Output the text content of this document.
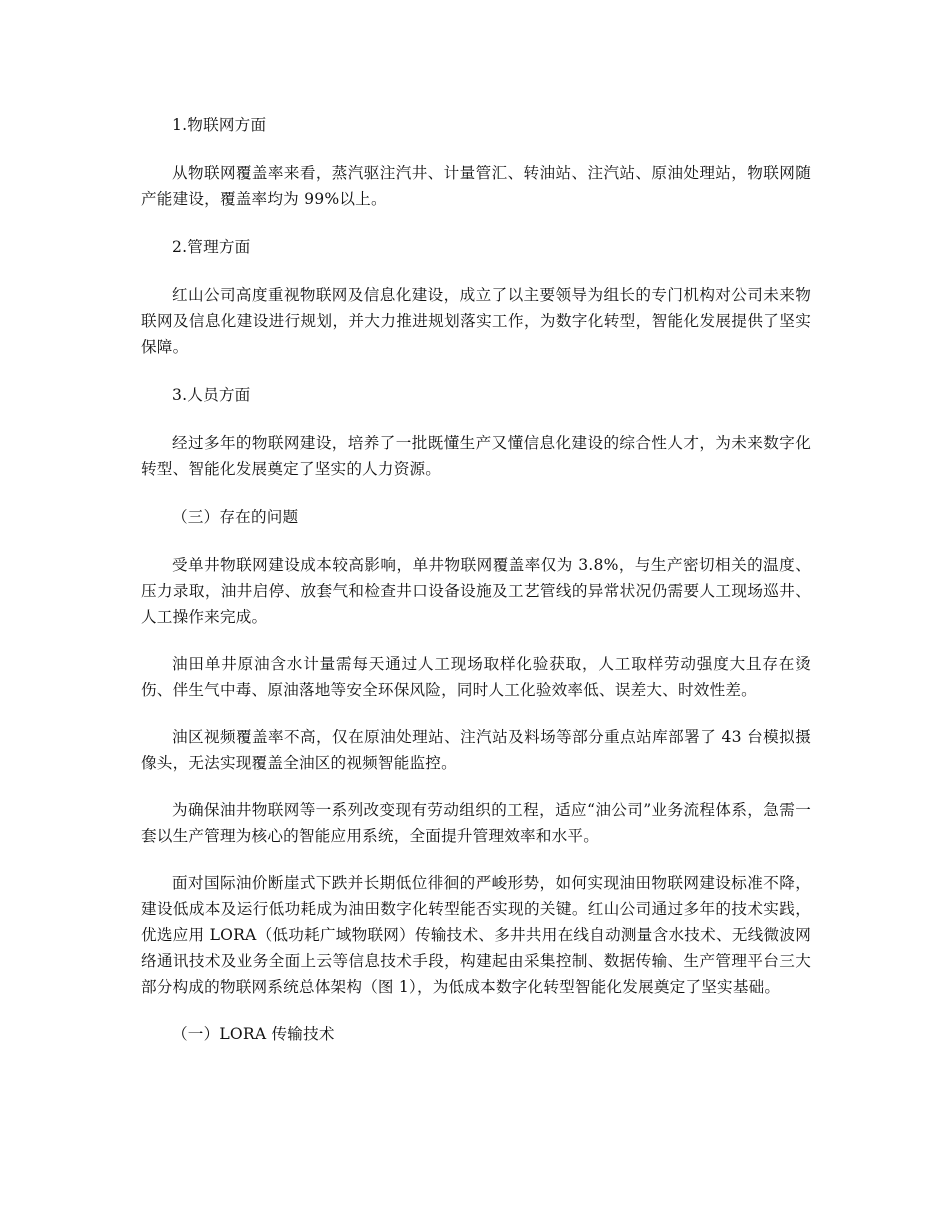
1.物联网方面

从物联网覆盖率来看，蒸汽驱注汽井、计量管汇、转油站、注汽站、原油处理站，物联网随产能建设，覆盖率均为 99%以上。

2.管理方面

红山公司高度重视物联网及信息化建设，成立了以主要领导为组长的专门机构对公司未来物联网及信息化建设进行规划，并大力推进规划落实工作，为数字化转型，智能化发展提供了坚实保障。

3.人员方面

经过多年的物联网建设，培养了一批既懂生产又懂信息化建设的综合性人才，为未来数字化转型、智能化发展奠定了坚实的人力资源。

（三）存在的问题

受单井物联网建设成本较高影响，单井物联网覆盖率仅为 3.8%，与生产密切相关的温度、压力录取，油井启停、放套气和检查井口设备设施及工艺管线的异常状况仍需要人工现场巡井、人工操作来完成。

油田单井原油含水计量需每天通过人工现场取样化验获取，人工取样劳动强度大且存在烫伤、伴生气中毒、原油落地等安全环保风险，同时人工化验效率低、误差大、时效性差。

油区视频覆盖率不高，仅在原油处理站、注汽站及料场等部分重点站库部署了 43 台模拟摄像头，无法实现覆盖全油区的视频智能监控。

为确保油井物联网等一系列改变现有劳动组织的工程，适应“油公司”业务流程体系，急需一套以生产管理为核心的智能应用系统，全面提升管理效率和水平。

面对国际油价断崖式下跌并长期低位徘徊的严峻形势，如何实现油田物联网建设标准不降，建设低成本及运行低功耗成为油田数字化转型能否实现的关键。红山公司通过多年的技术实践，优选应用 LORA（低功耗广域物联网）传输技术、多井共用在线自动测量含水技术、无线微波网络通讯技术及业务全面上云等信息技术手段，构建起由采集控制、数据传输、生产管理平台三大部分构成的物联网系统总体架构（图 1），为低成本数字化转型智能化发展奠定了坚实基础。

（一）LORA 传输技术
